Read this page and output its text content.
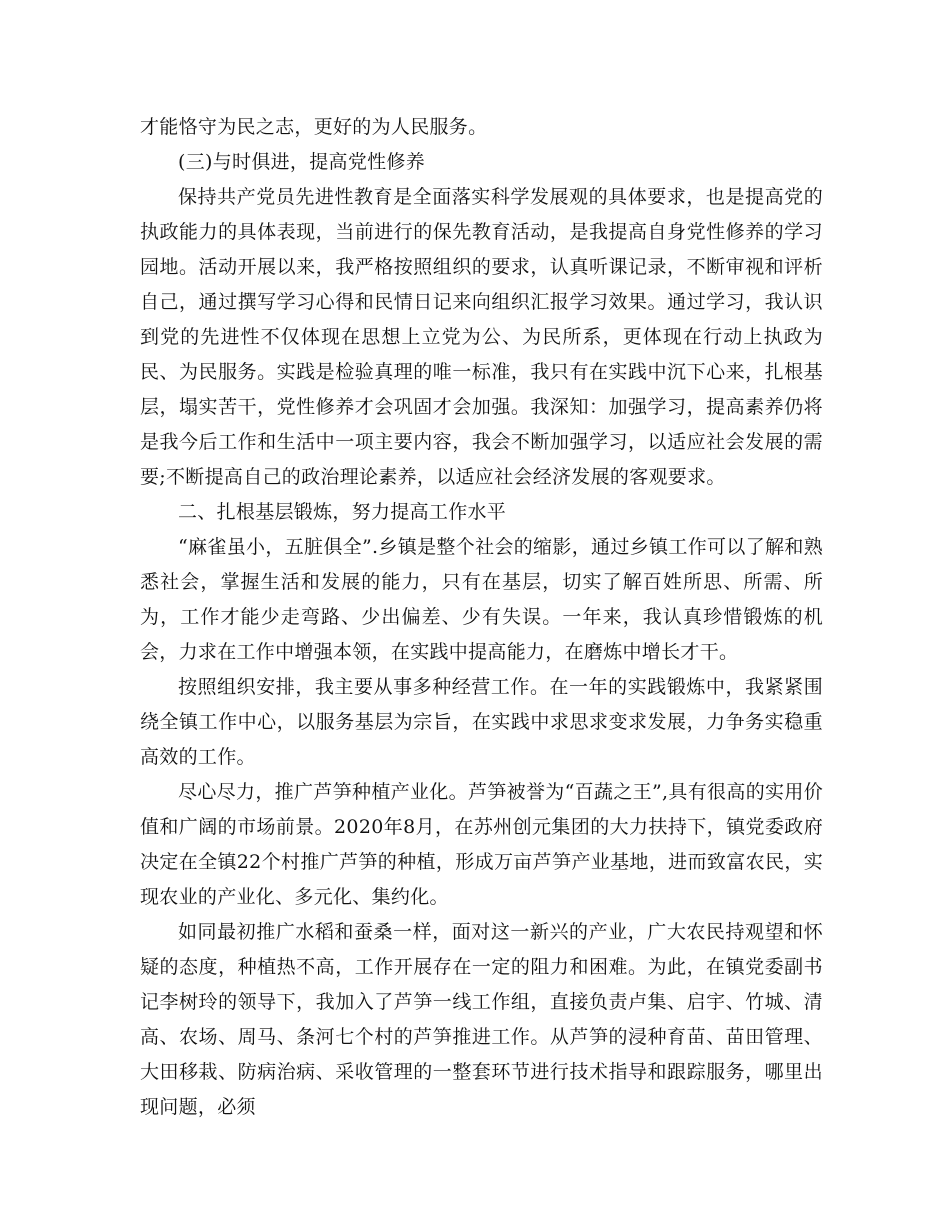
才能恪守为民之志，更好的为人民服务。

(三)与时俱进，提高党性修养

保持共产党员先进性教育是全面落实科学发展观的具体要求，也是提高党的执政能力的具体表现，当前进行的保先教育活动，是我提高自身党性修养的学习园地。活动开展以来，我严格按照组织的要求，认真听课记录，不断审视和评析自己，通过撰写学习心得和民情日记来向组织汇报学习效果。通过学习，我认识到党的先进性不仅体现在思想上立党为公、为民所系，更体现在行动上执政为民、为民服务。实践是检验真理的唯一标准，我只有在实践中沉下心来，扎根基层，塌实苦干，党性修养才会巩固才会加强。我深知：加强学习，提高素养仍将是我今后工作和生活中一项主要内容，我会不断加强学习，以适应社会发展的需要;不断提高自己的政治理论素养，以适应社会经济发展的客观要求。

二、扎根基层锻炼，努力提高工作水平

“麻雀虽小，五脏俱全”.乡镇是整个社会的缩影，通过乡镇工作可以了解和熟悉社会，掌握生活和发展的能力，只有在基层，切实了解百姓所思、所需、所为，工作才能少走弯路、少出偏差、少有失误。一年来，我认真珍惜锻炼的机会，力求在工作中增强本领，在实践中提高能力，在磨炼中增长才干。

按照组织安排，我主要从事多种经营工作。在一年的实践锻炼中，我紧紧围绕全镇工作中心，以服务基层为宗旨，在实践中求思求变求发展，力争务实稳重高效的工作。

尽心尽力，推广芦笋种植产业化。芦笋被誉为“百蔬之王”,具有很高的实用价值和广阔的市场前景。2020年8月，在苏州创元集团的大力扶持下，镇党委政府决定在全镇22个村推广芦笋的种植，形成万亩芦笋产业基地，进而致富农民，实现农业的产业化、多元化、集约化。

如同最初推广水稻和蚕桑一样，面对这一新兴的产业，广大农民持观望和怀疑的态度，种植热不高，工作开展存在一定的阻力和困难。为此，在镇党委副书记李树玲的领导下，我加入了芦笋一线工作组，直接负责卢集、启宇、竹城、清高、农场、周马、条河七个村的芦笋推进工作。从芦笋的浸种育苗、苗田管理、大田移栽、防病治病、采收管理的一整套环节进行技术指导和跟踪服务，哪里出现问题，必须
